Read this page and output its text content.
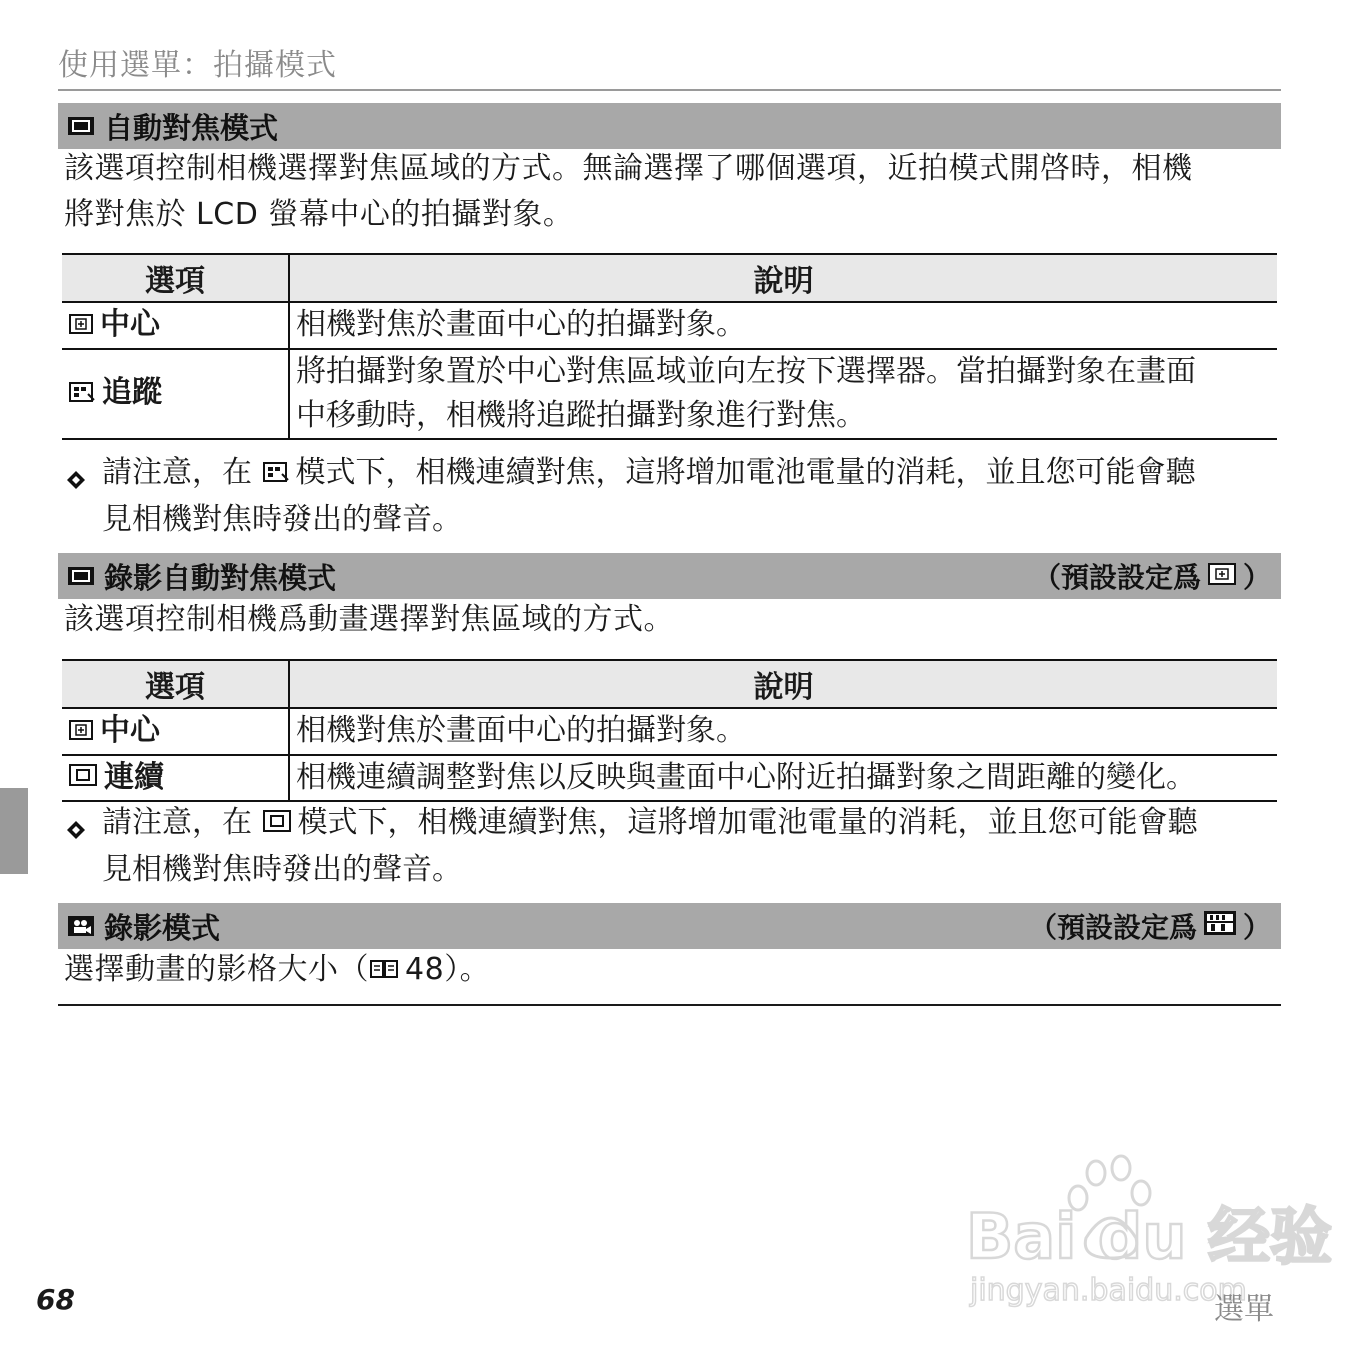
使用選單：拍攝模式
自動對焦模式
該選項控制相機選擇對焦區域的方式。無論選擇了哪個選項，近拍模式開啓時，相機
將對焦於 LCD 螢幕中心的拍攝對象。
選項	說明
中心	相機對焦於畫面中心的拍攝對象。
追蹤	將拍攝對象置於中心對焦區域並向左按下選擇器。當拍攝對象在畫面
中移動時，相機將追蹤拍攝對象進行對焦。
請注意，在 模式下，相機連續對焦，這將增加電池電量的消耗，並且您可能會聽
見相機對焦時發出的聲音。
錄影自動對焦模式	（預設設定爲 ）
該選項控制相機爲動畫選擇對焦區域的方式。
選項	說明
中心	相機對焦於畫面中心的拍攝對象。
連續	相機連續調整對焦以反映與畫面中心附近拍攝對象之間距離的變化。
請注意，在 模式下，相機連續對焦，這將增加電池電量的消耗，並且您可能會聽
見相機對焦時發出的聲音。
錄影模式	（預設設定爲 ）
選擇動畫的影格大小（ 48）。
Bai du 经验
jingyan.baidu.com
68	選單
